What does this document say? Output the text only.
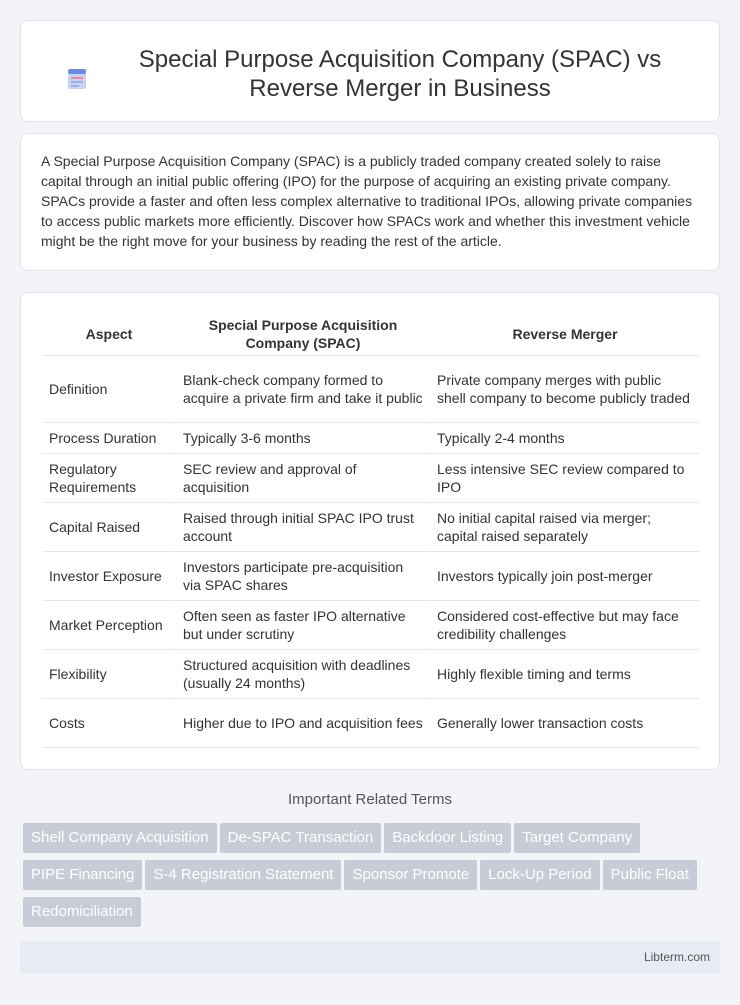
Special Purpose Acquisition Company (SPAC) vs Reverse Merger in Business

A Special Purpose Acquisition Company (SPAC) is a publicly traded company created solely to raise capital through an initial public offering (IPO) for the purpose of acquiring an existing private company. SPACs provide a faster and often less complex alternative to traditional IPOs, allowing private companies to access public markets more efficiently. Discover how SPACs work and whether this investment vehicle might be the right move for your business by reading the rest of the article.

Aspect	Special Purpose Acquisition Company (SPAC)	Reverse Merger
Definition	Blank-check company formed to acquire a private firm and take it public	Private company merges with public shell company to become publicly traded
Process Duration	Typically 3-6 months	Typically 2-4 months
Regulatory Requirements	SEC review and approval of acquisition	Less intensive SEC review compared to IPO
Capital Raised	Raised through initial SPAC IPO trust account	No initial capital raised via merger; capital raised separately
Investor Exposure	Investors participate pre-acquisition via SPAC shares	Investors typically join post-merger
Market Perception	Often seen as faster IPO alternative but under scrutiny	Considered cost-effective but may face credibility challenges
Flexibility	Structured acquisition with deadlines (usually 24 months)	Highly flexible timing and terms
Costs	Higher due to IPO and acquisition fees	Generally lower transaction costs
Important Related Terms
Shell Company Acquisition De-SPAC Transaction Backdoor Listing Target CompanyPIPE Financing S-4 Registration Statement Sponsor Promote Lock-Up Period Public FloatRedomiciliation
Libterm.com
